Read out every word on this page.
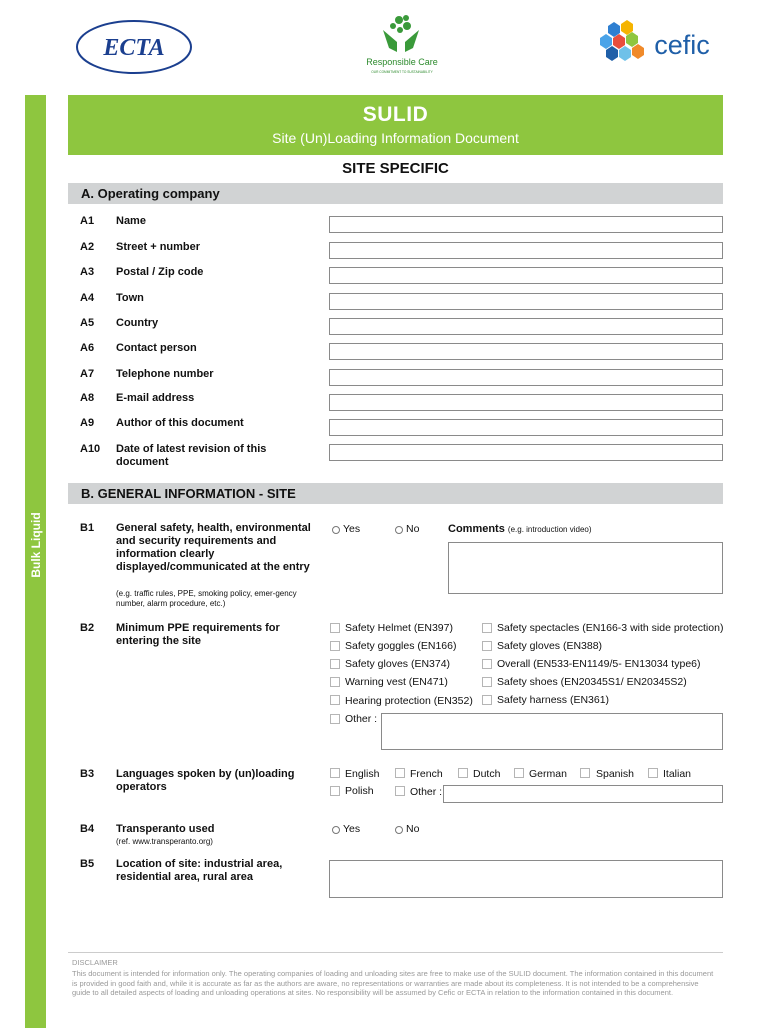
ECTA
Responsible Care
OUR COMMITMENT TO SUSTAINABILITY
cefic
Bulk Liquid
SULID
Site (Un)Loading Information Document
SITE SPECIFIC
A. Operating company
A1 Name
A2 Street + number
A3 Postal / Zip code
A4 Town
A5 Country
A6 Contact person
A7 Telephone number
A8 E-mail address
A9 Author of this document
A10 Date of latest revision of this document
B. GENERAL INFORMATION - SITE
B1 General safety, health, environmental and security requirements and information clearly displayed/communicated at the entry
(e.g. traffic rules, PPE, smoking policy, emer-gency number, alarm procedure, etc.)
Yes	No	Comments (e.g. introduction video)
B2 Minimum PPE requirements for entering the site
Safety Helmet (EN397)
Safety goggles (EN166)
Safety gloves (EN374)
Warning vest (EN471)
Hearing protection (EN352)
Safety spectacles (EN166-3 with side protection)
Safety gloves (EN388)
Overall (EN533-EN1149/5- EN13034 type6)
Safety shoes (EN20345S1/ EN20345S2)
Safety harness (EN361)
Other :
B3 Languages spoken by (un)loading operators
English	French	Dutch	German	Spanish	Italian
Polish	Other :
B4 Transperanto used
(ref. www.transperanto.org)
Yes	No
B5 Location of site: industrial area, residential area, rural area
DISCLAIMER
This document is intended for information only. The operating companies of loading and unloading sites are free to make use of the SULID document. The information contained in this document is provided in good faith and, while it is accurate as far as the authors are aware, no representations or warranties are made about its completeness. It is not intended to be a comprehensive guide to all detailed aspects of loading and unloading operations at sites. No responsibility will be assumed by Cefic or ECTA in relation to the information contained in this document.
